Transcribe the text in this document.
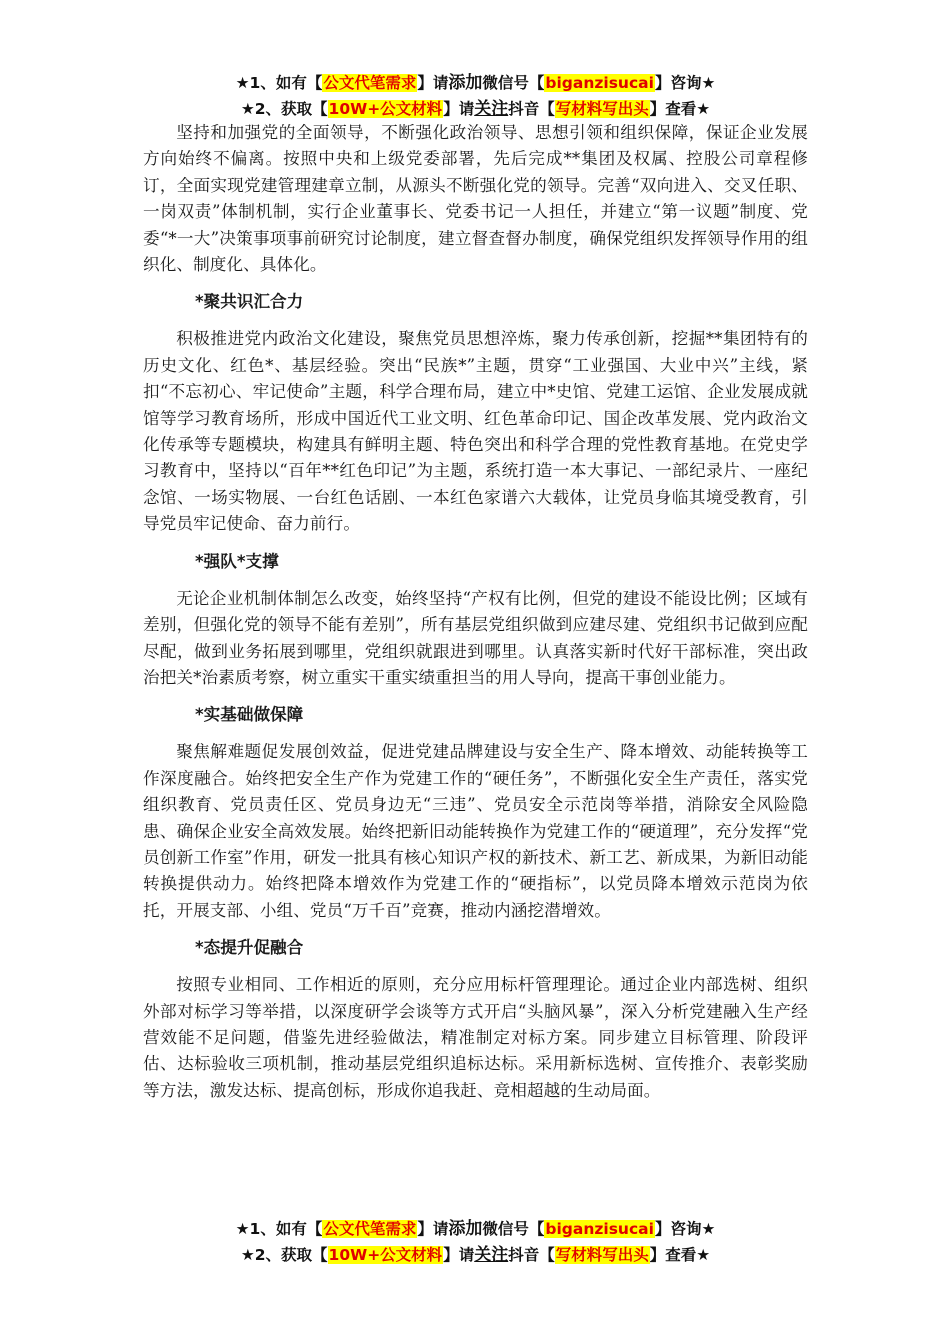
★1、如有【公文代笔需求】请添加微信号【biganzisucai】咨询★
★2、获取【10W+公文材料】请关注抖音【写材料写出头】查看★

坚持和加强党的全面领导，不断强化政治领导、思想引领和组织保障，保证企业发展方向始终不偏离。按照中央和上级党委部署，先后完成**集团及权属、控股公司章程修订，全面实现党建管理建章立制，从源头不断强化党的领导。完善“双向进入、交叉任职、一岗双责”体制机制，实行企业董事长、党委书记一人担任，并建立“第一议题”制度、党委“*一大”决策事项事前研究讨论制度，建立督查督办制度，确保党组织发挥领导作用的组织化、制度化、具体化。

*聚共识汇合力

积极推进党内政治文化建设，聚焦党员思想淬炼，聚力传承创新，挖掘**集团特有的历史文化、红色*、基层经验。突出“民族*”主题，贯穿“工业强国、大业中兴”主线，紧扣“不忘初心、牢记使命”主题，科学合理布局，建立中*史馆、党建工运馆、企业发展成就馆等学习教育场所，形成中国近代工业文明、红色革命印记、国企改革发展、党内政治文化传承等专题模块，构建具有鲜明主题、特色突出和科学合理的党性教育基地。在党史学习教育中，坚持以“百年**红色印记”为主题，系统打造一本大事记、一部纪录片、一座纪念馆、一场实物展、一台红色话剧、一本红色家谱六大载体，让党员身临其境受教育，引导党员牢记使命、奋力前行。

*强队*支撑

无论企业机制体制怎么改变，始终坚持“产权有比例，但党的建设不能设比例；区域有差别，但强化党的领导不能有差别”，所有基层党组织做到应建尽建、党组织书记做到应配尽配，做到业务拓展到哪里，党组织就跟进到哪里。认真落实新时代好干部标准，突出政治把关*治素质考察，树立重实干重实绩重担当的用人导向，提高干事创业能力。

*实基础做保障

聚焦解难题促发展创效益，促进党建品牌建设与安全生产、降本增效、动能转换等工作深度融合。始终把安全生产作为党建工作的“硬任务”，不断强化安全生产责任，落实党组织教育、党员责任区、党员身边无“三违”、党员安全示范岗等举措，消除安全风险隐患、确保企业安全高效发展。始终把新旧动能转换作为党建工作的“硬道理”，充分发挥“党员创新工作室”作用，研发一批具有核心知识产权的新技术、新工艺、新成果，为新旧动能转换提供动力。始终把降本增效作为党建工作的“硬指标”，以党员降本增效示范岗为依托，开展支部、小组、党员“万千百”竞赛，推动内涵挖潜增效。

*态提升促融合

按照专业相同、工作相近的原则，充分应用标杆管理理论。通过企业内部选树、组织外部对标学习等举措，以深度研学会谈等方式开启“头脑风暴”，深入分析党建融入生产经营效能不足问题，借鉴先进经验做法，精准制定对标方案。同步建立目标管理、阶段评估、达标验收三项机制，推动基层党组织追标达标。采用新标选树、宣传推介、表彰奖励等方法，激发达标、提高创标，形成你追我赶、竞相超越的生动局面。

★1、如有【公文代笔需求】请添加微信号【biganzisucai】咨询★
★2、获取【10W+公文材料】请关注抖音【写材料写出头】查看★
